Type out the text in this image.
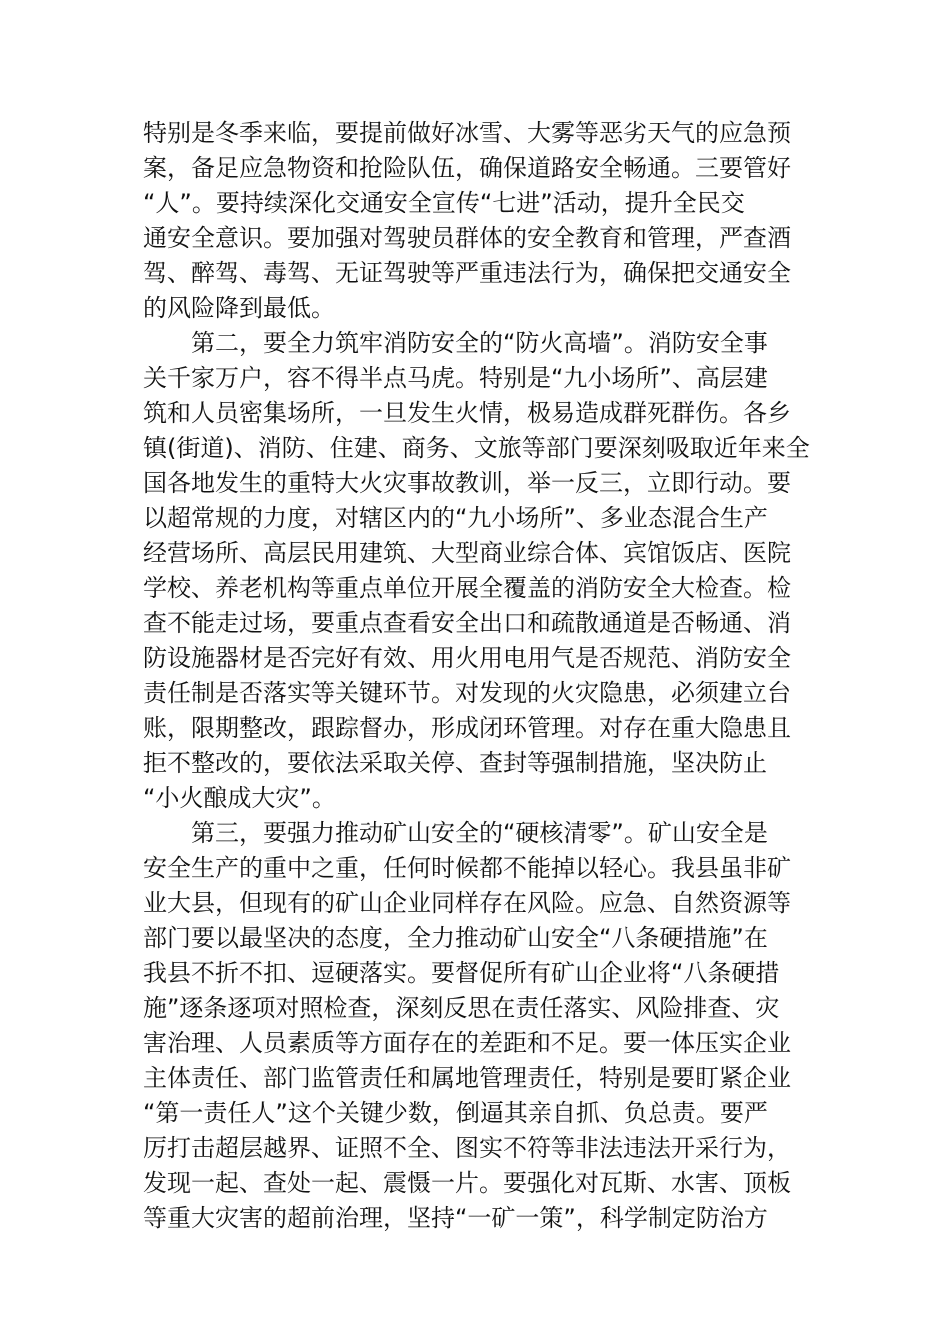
特别是冬季来临，要提前做好冰雪、大雾等恶劣天气的应急预
案，备足应急物资和抢险队伍，确保道路安全畅通。三要管好
“人”。要持续深化交通安全宣传“七进”活动，提升全民交
通安全意识。要加强对驾驶员群体的安全教育和管理，严查酒
驾、醉驾、毒驾、无证驾驶等严重违法行为，确保把交通安全
的风险降到最低。
　　第二，要全力筑牢消防安全的“防火高墙”。消防安全事
关千家万户，容不得半点马虎。特别是“九小场所”、高层建
筑和人员密集场所，一旦发生火情，极易造成群死群伤。各乡
镇(街道)、消防、住建、商务、文旅等部门要深刻吸取近年来全
国各地发生的重特大火灾事故教训，举一反三，立即行动。要
以超常规的力度，对辖区内的“九小场所”、多业态混合生产
经营场所、高层民用建筑、大型商业综合体、宾馆饭店、医院
学校、养老机构等重点单位开展全覆盖的消防安全大检查。检
查不能走过场，要重点查看安全出口和疏散通道是否畅通、消
防设施器材是否完好有效、用火用电用气是否规范、消防安全
责任制是否落实等关键环节。对发现的火灾隐患，必须建立台
账，限期整改，跟踪督办，形成闭环管理。对存在重大隐患且
拒不整改的，要依法采取关停、查封等强制措施，坚决防止
“小火酿成大灾”。
　　第三，要强力推动矿山安全的“硬核清零”。矿山安全是
安全生产的重中之重，任何时候都不能掉以轻心。我县虽非矿
业大县，但现有的矿山企业同样存在风险。应急、自然资源等
部门要以最坚决的态度，全力推动矿山安全“八条硬措施”在
我县不折不扣、逗硬落实。要督促所有矿山企业将“八条硬措
施”逐条逐项对照检查，深刻反思在责任落实、风险排查、灾
害治理、人员素质等方面存在的差距和不足。要一体压实企业
主体责任、部门监管责任和属地管理责任，特别是要盯紧企业
“第一责任人”这个关键少数，倒逼其亲自抓、负总责。要严
厉打击超层越界、证照不全、图实不符等非法违法开采行为，
发现一起、查处一起、震慑一片。要强化对瓦斯、水害、顶板
等重大灾害的超前治理，坚持“一矿一策”，科学制定防治方
